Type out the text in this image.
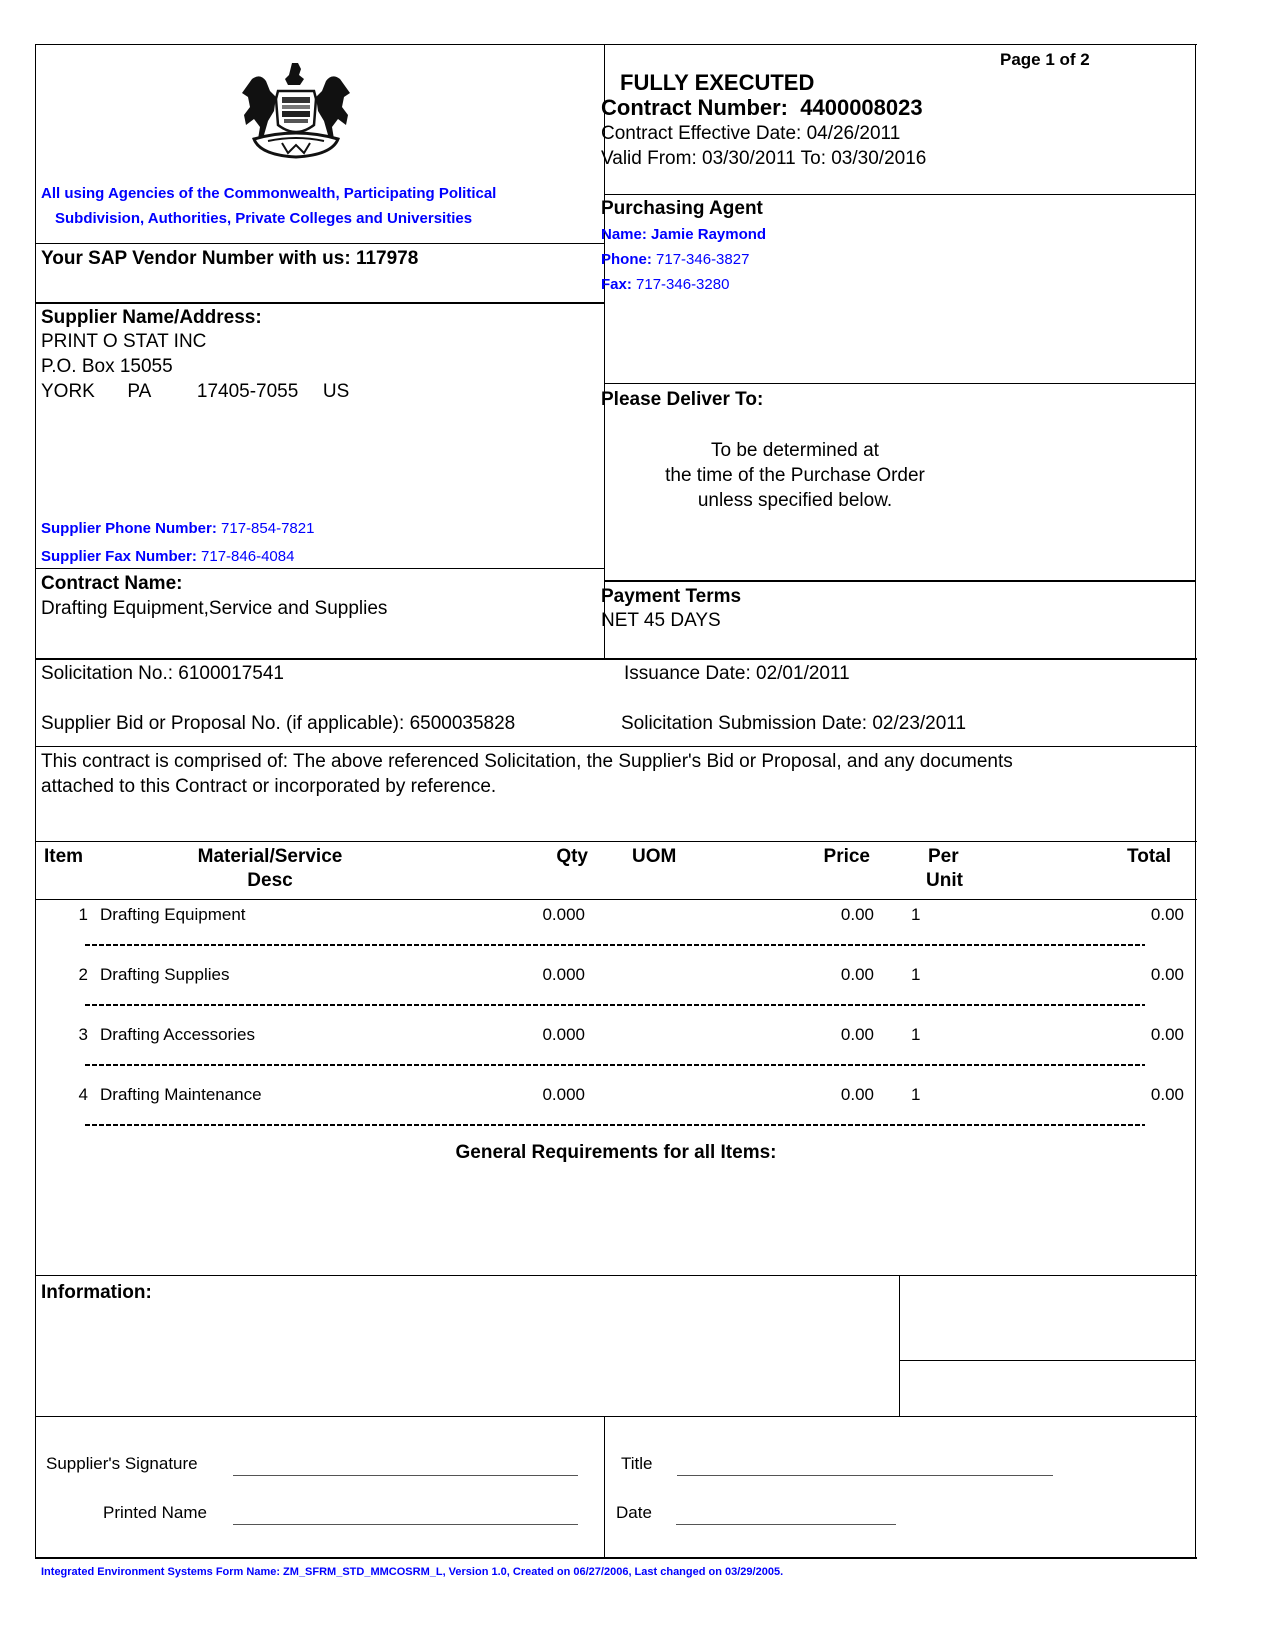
All using Agencies of the Commonwealth, Participating Political
Subdivision, Authorities, Private Colleges and Universities
Page 1 of 2
FULLY EXECUTED
Contract Number: 4400008023
Contract Effective Date: 04/26/2011
Valid From: 03/30/2011 To: 03/30/2016
Your SAP Vendor Number with us: 117978
Purchasing Agent
Name: Jamie Raymond
Phone: 717-346-3827
Fax: 717-346-3280
Supplier Name/Address:
PRINT O STAT INC
P.O. Box 15055
YORK PA 17405-7055 US
Supplier Phone Number: 717-854-7821
Supplier Fax Number: 717-846-4084
Please Deliver To:
To be determined at
the time of the Purchase Order
unless specified below.
Contract Name:
Drafting Equipment,Service and Supplies
Payment Terms
NET 45 DAYS
Solicitation No.: 6100017541	Issuance Date: 02/01/2011
Supplier Bid or Proposal No. (if applicable): 6500035828	Solicitation Submission Date: 02/23/2011
This contract is comprised of: The above referenced Solicitation, the Supplier's Bid or Proposal, and any documents
attached to this Contract or incorporated by reference.
Item	Material/Service
Desc
Qty UOM	Price	Per
Unit
Total
1 Drafting Equipment	0.000	0.00 1	0.00
2 Drafting Supplies	0.000	0.00 1	0.00
3 Drafting Accessories	0.000	0.00 1	0.00
4 Drafting Maintenance	0.000	0.00 1	0.00
General Requirements for all Items:
Information:
Supplier's Signature
Printed Name
Title
Date
Integrated Environment Systems Form Name: ZM_SFRM_STD_MMCOSRM_L, Version 1.0, Created on 06/27/2006, Last changed on 03/29/2005.
